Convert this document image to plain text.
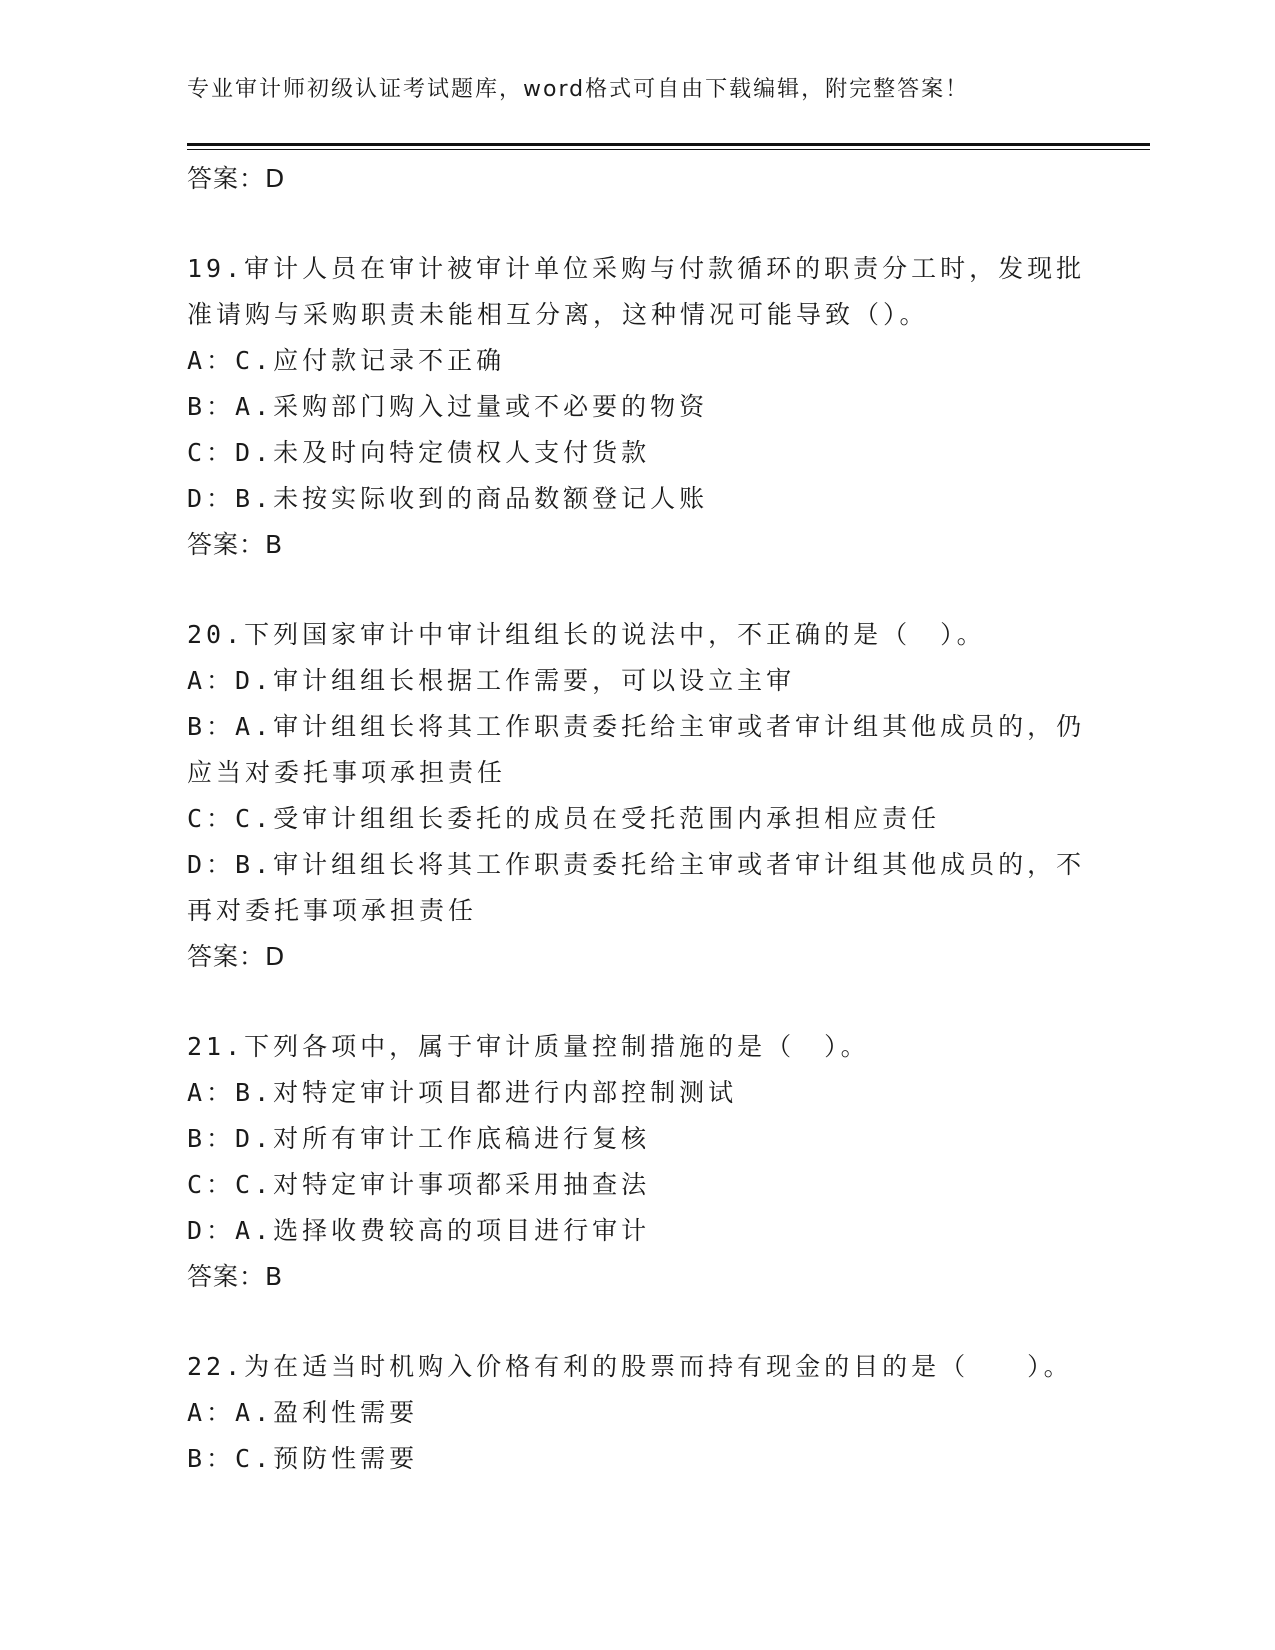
专业审计师初级认证考试题库，word格式可自由下载编辑，附完整答案！
答案：D
19.审计人员在审计被审计单位采购与付款循环的职责分工时，发现批
准请购与采购职责未能相互分离，这种情况可能导致（）。
A：C.应付款记录不正确
B：A.采购部门购入过量或不必要的物资
C：D.未及时向特定债权人支付货款
D：B.未按实际收到的商品数额登记人账
答案：B
20.下列国家审计中审计组组长的说法中，不正确的是（　）。
A：D.审计组组长根据工作需要，可以设立主审
B：A.审计组组长将其工作职责委托给主审或者审计组其他成员的，仍
应当对委托事项承担责任
C：C.受审计组组长委托的成员在受托范围内承担相应责任
D：B.审计组组长将其工作职责委托给主审或者审计组其他成员的，不
再对委托事项承担责任
答案：D
21.下列各项中，属于审计质量控制措施的是（　）。
A：B.对特定审计项目都进行内部控制测试
B：D.对所有审计工作底稿进行复核
C：C.对特定审计事项都采用抽查法
D：A.选择收费较高的项目进行审计
答案：B
22.为在适当时机购入价格有利的股票而持有现金的目的是（　　）。
A：A.盈利性需要
B：C.预防性需要
